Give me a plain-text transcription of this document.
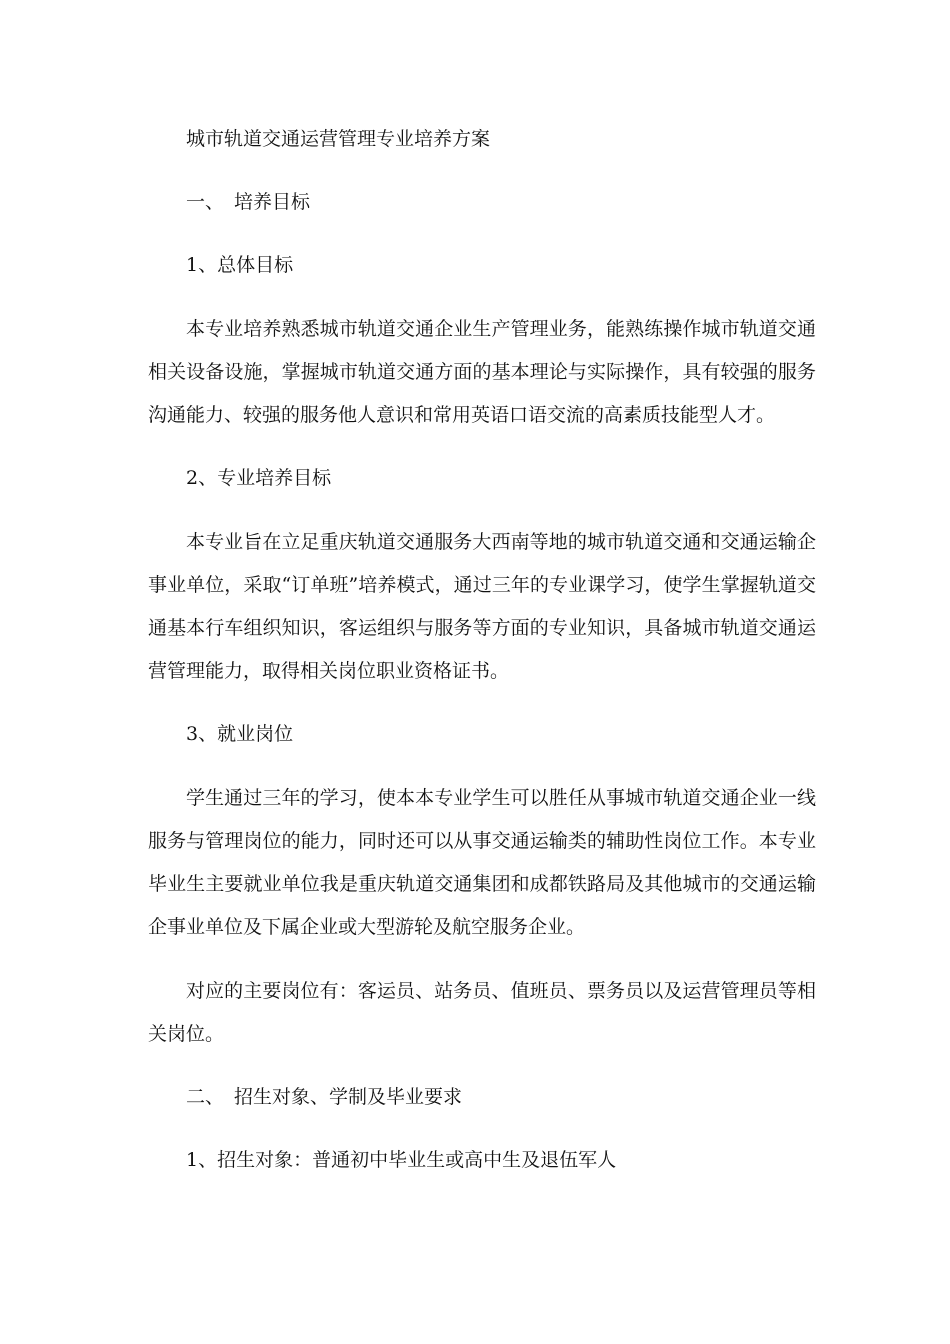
城市轨道交通运营管理专业培养方案

一、 培养目标

1、总体目标

本专业培养熟悉城市轨道交通企业生产管理业务，能熟练操作城市轨道交通相关设备设施，掌握城市轨道交通方面的基本理论与实际操作，具有较强的服务沟通能力、较强的服务他人意识和常用英语口语交流的高素质技能型人才。

2、专业培养目标

本专业旨在立足重庆轨道交通服务大西南等地的城市轨道交通和交通运输企事业单位，采取“订单班”培养模式，通过三年的专业课学习，使学生掌握轨道交通基本行车组织知识，客运组织与服务等方面的专业知识，具备城市轨道交通运营管理能力，取得相关岗位职业资格证书。

3、就业岗位

学生通过三年的学习，使本本专业学生可以胜任从事城市轨道交通企业一线服务与管理岗位的能力，同时还可以从事交通运输类的辅助性岗位工作。本专业毕业生主要就业单位我是重庆轨道交通集团和成都铁路局及其他城市的交通运输企事业单位及下属企业或大型游轮及航空服务企业。

对应的主要岗位有：客运员、站务员、值班员、票务员以及运营管理员等相关岗位。

二、 招生对象、学制及毕业要求

1、招生对象：普通初中毕业生或高中生及退伍军人
